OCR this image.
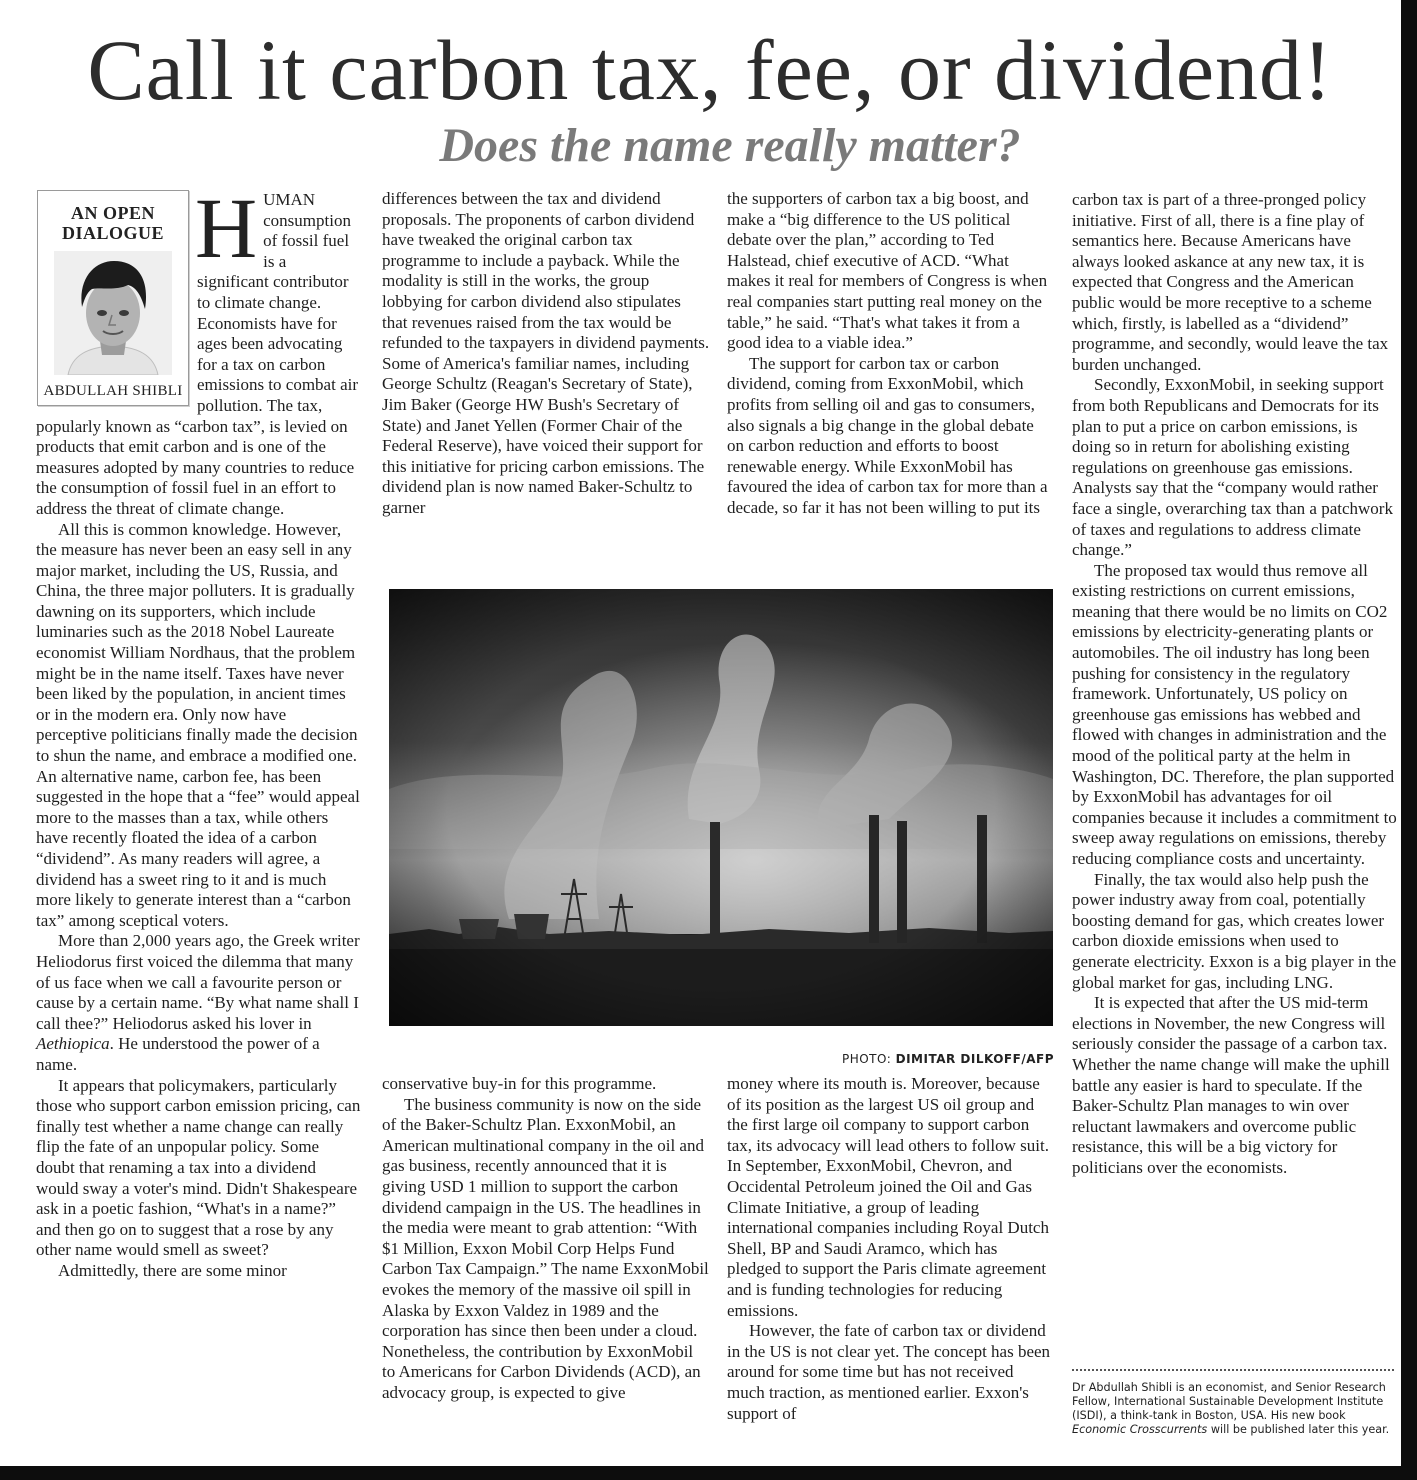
Call it carbon tax, fee, or dividend!
Does the name really matter?
AN OPEN DIALOGUE
ABDULLAH SHIBLI
H UMAN consumption of fossil fuel is a significant contributor to climate change. Economists have for ages been advocating for a tax on carbon emissions to combat air pollution. The tax, popularly known as “carbon tax”, is levied on products that emit carbon and is one of the measures adopted by many countries to reduce the consumption of fossil fuel in an effort to address the threat of climate change.

All this is common knowledge. However, the measure has never been an easy sell in any major market, including the US, Russia, and China, the three major polluters. It is gradually dawning on its supporters, which include luminaries such as the 2018 Nobel Laureate economist William Nordhaus, that the problem might be in the name itself. Taxes have never been liked by the population, in ancient times or in the modern era. Only now have perceptive politicians finally made the decision to shun the name, and embrace a modified one. An alternative name, carbon fee, has been suggested in the hope that a “fee” would appeal more to the masses than a tax, while others have recently floated the idea of a carbon “dividend”. As many readers will agree, a dividend has a sweet ring to it and is much more likely to generate interest than a “carbon tax” among sceptical voters.

More than 2,000 years ago, the Greek writer Heliodorus first voiced the dilemma that many of us face when we call a favourite person or cause by a certain name. “By what name shall I call thee?” Heliodorus asked his lover in Aethiopica. He understood the power of a name.

It appears that policymakers, particularly those who support carbon emission pricing, can finally test whether a name change can really flip the fate of an unpopular policy. Some doubt that renaming a tax into a dividend would sway a voter's mind. Didn't Shakespeare ask in a poetic fashion, “What's in a name?” and then go on to suggest that a rose by any other name would smell as sweet?

Admittedly, there are some minor

differences between the tax and dividend proposals. The proponents of carbon dividend have tweaked the original carbon tax programme to include a payback. While the modality is still in the works, the group lobbying for carbon dividend also stipulates that revenues raised from the tax would be refunded to the taxpayers in dividend payments. Some of America's familiar names, including George Schultz (Reagan's Secretary of State), Jim Baker (George HW Bush's Secretary of State) and Janet Yellen (Former Chair of the Federal Reserve), have voiced their support for this initiative for pricing carbon emissions. The dividend plan is now named Baker-Schultz to garner

the supporters of carbon tax a big boost, and make a “big difference to the US political debate over the plan,” according to Ted Halstead, chief executive of ACD. “What makes it real for members of Congress is when real companies start putting real money on the table,” he said. “That's what takes it from a good idea to a viable idea.”

The support for carbon tax or carbon dividend, coming from ExxonMobil, which profits from selling oil and gas to consumers, also signals a big change in the global debate on carbon reduction and efforts to boost renewable energy. While ExxonMobil has favoured the idea of carbon tax for more than a decade, so far it has not been willing to put its

PHOTO: DIMITAR DILKOFF/AFP

conservative buy-in for this programme.

The business community is now on the side of the Baker-Schultz Plan. ExxonMobil, an American multinational company in the oil and gas business, recently announced that it is giving USD 1 million to support the carbon dividend campaign in the US. The headlines in the media were meant to grab attention: “With $1 Million, Exxon Mobil Corp Helps Fund Carbon Tax Campaign.” The name ExxonMobil evokes the memory of the massive oil spill in Alaska by Exxon Valdez in 1989 and the corporation has since then been under a cloud. Nonetheless, the contribution by ExxonMobil to Americans for Carbon Dividends (ACD), an advocacy group, is expected to give

money where its mouth is. Moreover, because of its position as the largest US oil group and the first large oil company to support carbon tax, its advocacy will lead others to follow suit. In September, ExxonMobil, Chevron, and Occidental Petroleum joined the Oil and Gas Climate Initiative, a group of leading international companies including Royal Dutch Shell, BP and Saudi Aramco, which has pledged to support the Paris climate agreement and is funding technologies for reducing emissions.

However, the fate of carbon tax or dividend in the US is not clear yet. The concept has been around for some time but has not received much traction, as mentioned earlier. Exxon's support of

carbon tax is part of a three-pronged policy initiative. First of all, there is a fine play of semantics here. Because Americans have always looked askance at any new tax, it is expected that Congress and the American public would be more receptive to a scheme which, firstly, is labelled as a “dividend” programme, and secondly, would leave the tax burden unchanged.

Secondly, ExxonMobil, in seeking support from both Republicans and Democrats for its plan to put a price on carbon emissions, is doing so in return for abolishing existing regulations on greenhouse gas emissions. Analysts say that the “company would rather face a single, overarching tax than a patchwork of taxes and regulations to address climate change.”

The proposed tax would thus remove all existing restrictions on current emissions, meaning that there would be no limits on CO2 emissions by electricity-generating plants or automobiles. The oil industry has long been pushing for consistency in the regulatory framework. Unfortunately, US policy on greenhouse gas emissions has webbed and flowed with changes in administration and the mood of the political party at the helm in Washington, DC. Therefore, the plan supported by ExxonMobil has advantages for oil companies because it includes a commitment to sweep away regulations on emissions, thereby reducing compliance costs and uncertainty.

Finally, the tax would also help push the power industry away from coal, potentially boosting demand for gas, which creates lower carbon dioxide emissions when used to generate electricity. Exxon is a big player in the global market for gas, including LNG.

It is expected that after the US mid-term elections in November, the new Congress will seriously consider the passage of a carbon tax. Whether the name change will make the uphill battle any easier is hard to speculate. If the Baker-Schultz Plan manages to win over reluctant lawmakers and overcome public resistance, this will be a big victory for politicians over the economists.

Dr Abdullah Shibli is an economist, and Senior Research Fellow, International Sustainable Development Institute (ISDI), a think-tank in Boston, USA. His new book Economic Crosscurrents will be published later this year.
